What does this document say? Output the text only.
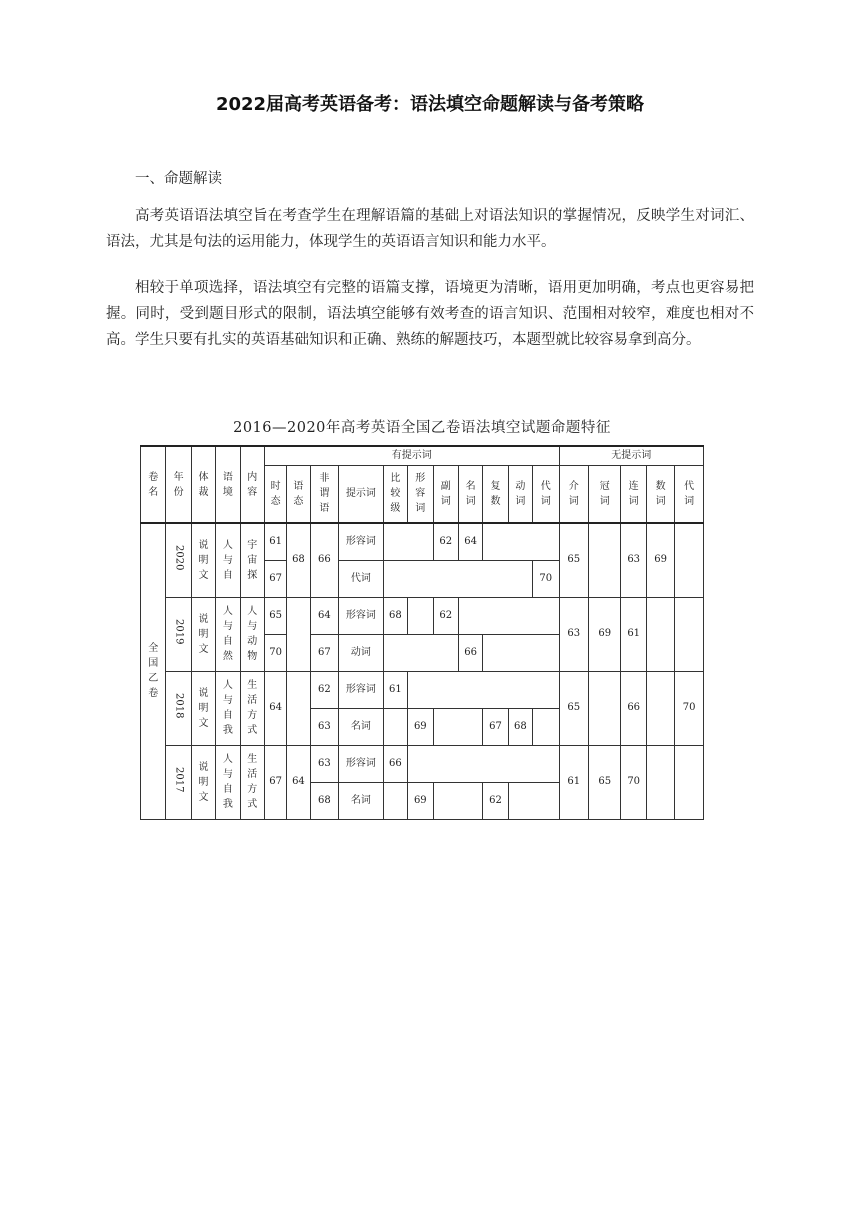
2022届高考英语备考：语法填空命题解读与备考策略
一、命题解读

高考英语语法填空旨在考查学生在理解语篇的基础上对语法知识的掌握情况，反映学生对词汇、语法，尤其是句法的运用能力，体现学生的英语语言知识和能力水平。

相较于单项选择，语法填空有完整的语篇支撑，语境更为清晰，语用更加明确，考点也更容易把握。同时，受到题目形式的限制，语法填空能够有效考查的语言知识、范围相对较窄，难度也相对不高。学生只要有扎实的英语基础知识和正确、熟练的解题技巧，本题型就比较容易拿到高分。

2016—2020年高考英语全国乙卷语法填空试题命题特征
卷名	年份	体裁	语境	内容	有提示词											无提示词				
					时态	语态	非谓语	提示词	比较级	形容词	副词	名词	复数	动词	代词	介词	冠词	连词	数词	代词
全国乙卷	2020	说明文	人与自	宇宙探	61	68	66	形容词			62	64				65		63	69	
					67			代词							70					
	2019	说明文	人与自然	人与动物	65		64	形容词	68		62					63	69	61		
					70		67	动词				66								
	2018	说明文	人与自我	生活方式	64		62	形容词	61							65		66		70
							63	名词		69			67	68						
	2017	说明文	人与自我	生活方式	67	64	63	形容词	66							61	65	70		
							68	名词		69			62							
